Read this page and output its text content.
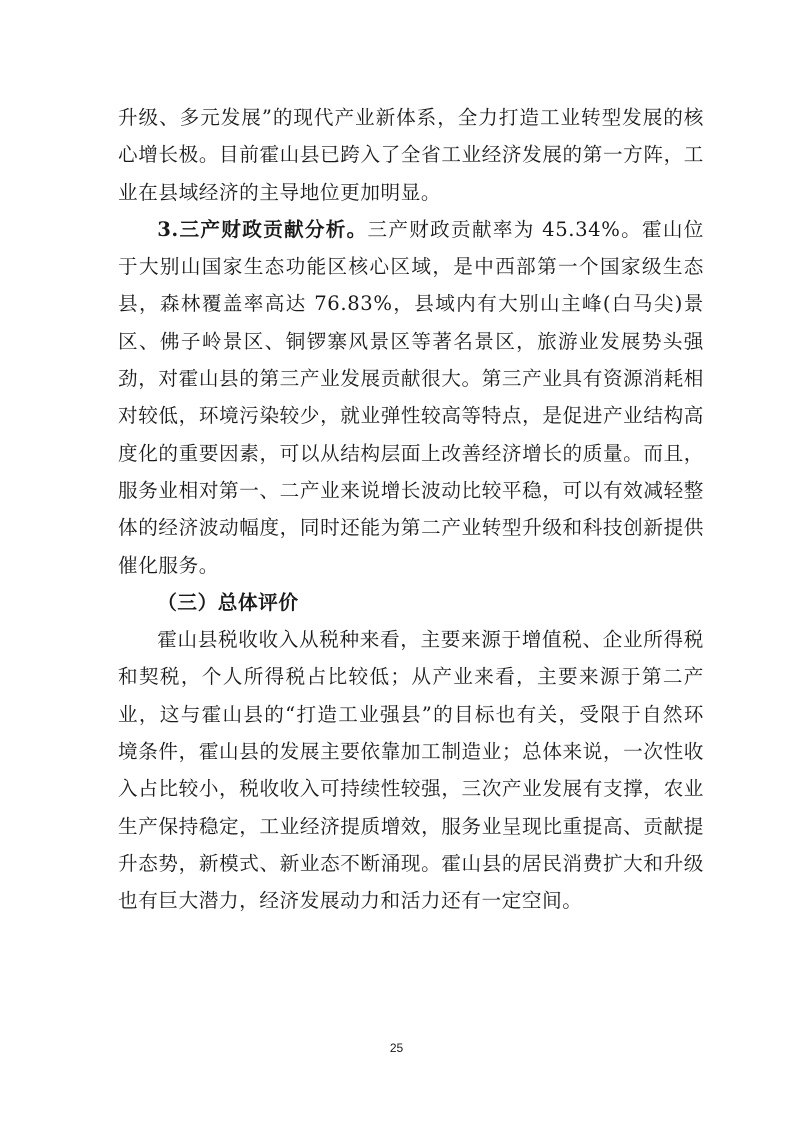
升级、多元发展”的现代产业新体系，全力打造工业转型发展的核心增长极。目前霍山县已跨入了全省工业经济发展的第一方阵，工业在县域经济的主导地位更加明显。

3.三产财政贡献分析。三产财政贡献率为 45.34%。霍山位于大别山国家生态功能区核心区域，是中西部第一个国家级生态县，森林覆盖率高达 76.83%，县域内有大别山主峰(白马尖)景区、佛子岭景区、铜锣寨风景区等著名景区，旅游业发展势头强劲，对霍山县的第三产业发展贡献很大。第三产业具有资源消耗相对较低，环境污染较少，就业弹性较高等特点，是促进产业结构高度化的重要因素，可以从结构层面上改善经济增长的质量。而且，服务业相对第一、二产业来说增长波动比较平稳，可以有效减轻整体的经济波动幅度，同时还能为第二产业转型升级和科技创新提供催化服务。

（三）总体评价

霍山县税收收入从税种来看，主要来源于增值税、企业所得税和契税，个人所得税占比较低；从产业来看，主要来源于第二产业，这与霍山县的“打造工业强县”的目标也有关，受限于自然环境条件，霍山县的发展主要依靠加工制造业；总体来说，一次性收入占比较小，税收收入可持续性较强，三次产业发展有支撑，农业生产保持稳定，工业经济提质增效，服务业呈现比重提高、贡献提升态势，新模式、新业态不断涌现。霍山县的居民消费扩大和升级也有巨大潜力，经济发展动力和活力还有一定空间。

25
